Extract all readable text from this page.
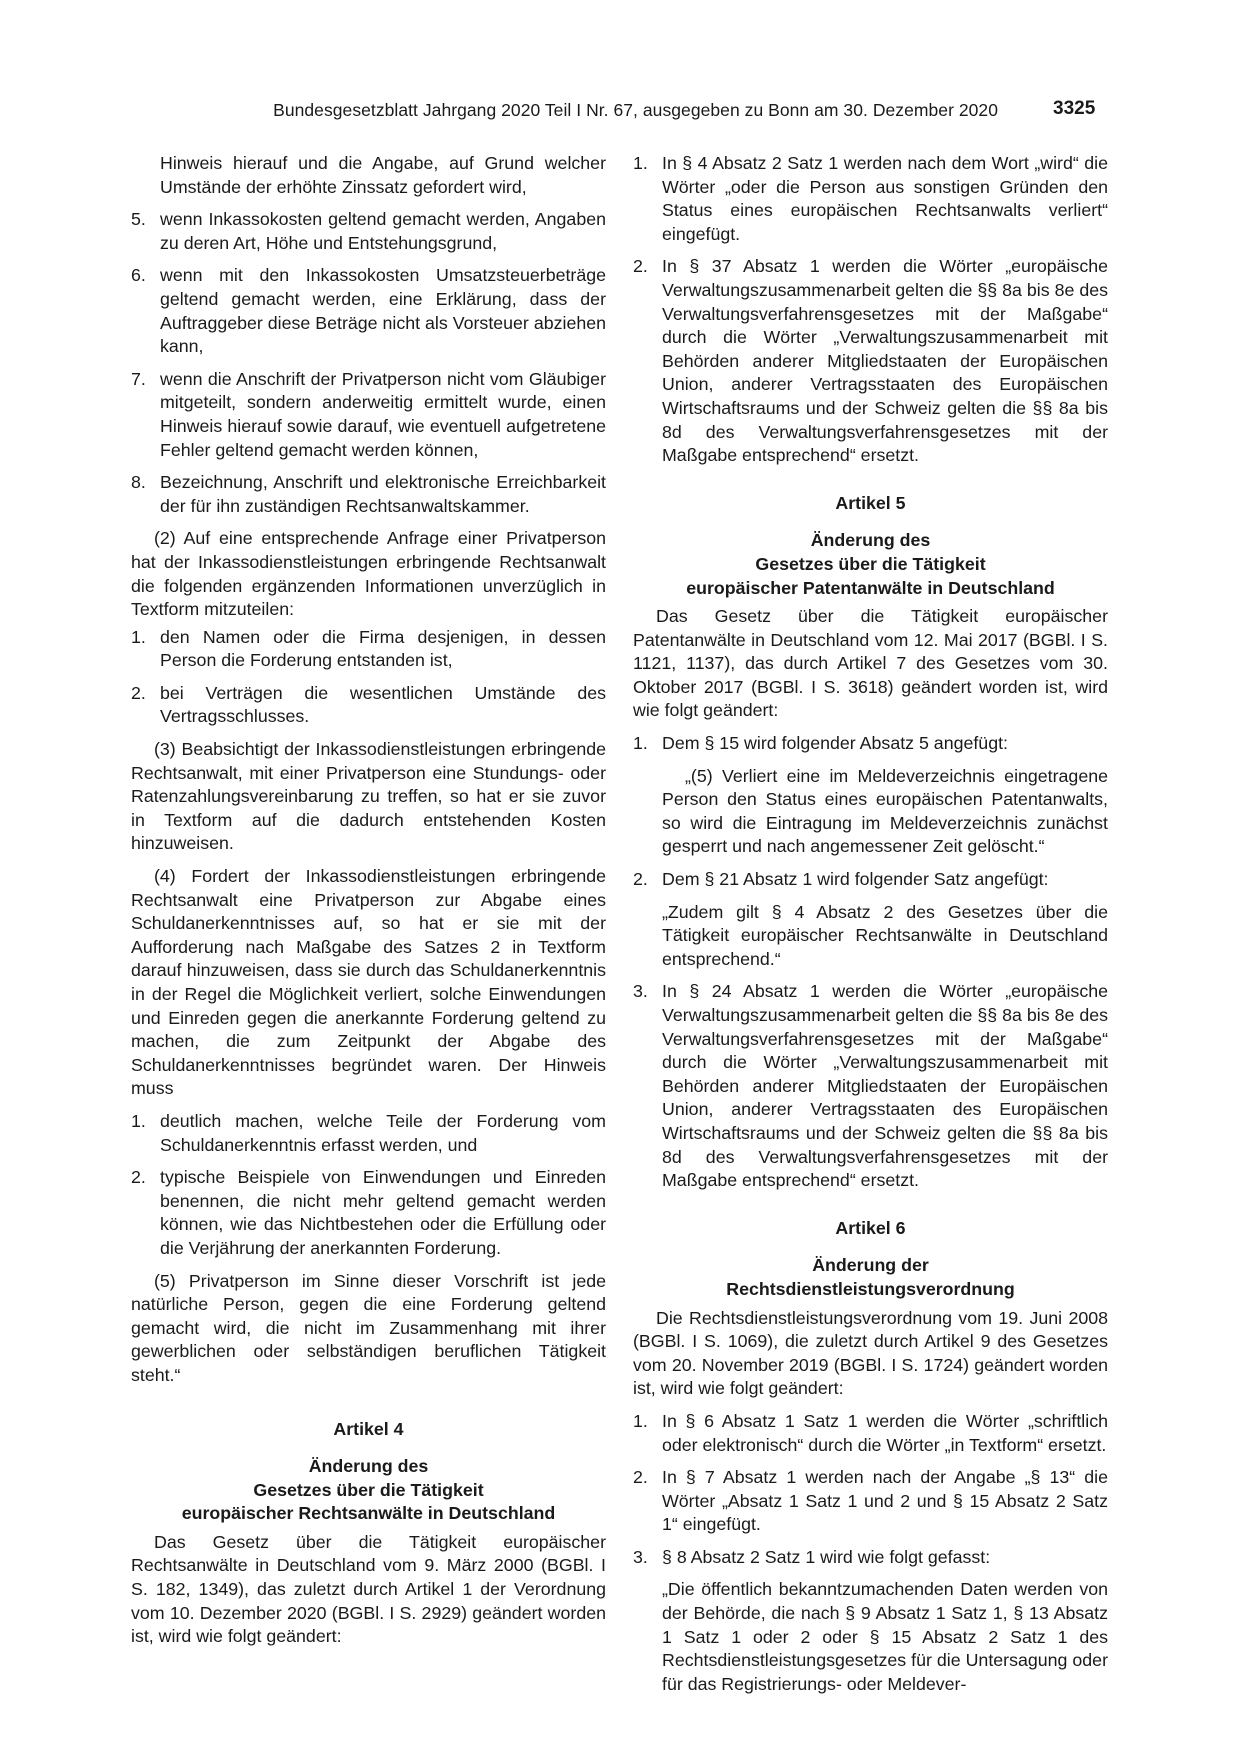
Bundesgesetzblatt Jahrgang 2020 Teil I Nr. 67, ausgegeben zu Bonn am 30. Dezember 2020	3325

Hinweis hierauf und die Angabe, auf Grund welcher Umstände der erhöhte Zinssatz gefordert wird,

5. wenn Inkassokosten geltend gemacht werden, Angaben zu deren Art, Höhe und Entstehungsgrund,

6. wenn mit den Inkassokosten Umsatzsteuerbeträge geltend gemacht werden, eine Erklärung, dass der Auftraggeber diese Beträge nicht als Vorsteuer abziehen kann,

7. wenn die Anschrift der Privatperson nicht vom Gläubiger mitgeteilt, sondern anderweitig ermittelt wurde, einen Hinweis hierauf sowie darauf, wie eventuell aufgetretene Fehler geltend gemacht werden können,

8. Bezeichnung, Anschrift und elektronische Erreichbarkeit der für ihn zuständigen Rechtsanwaltskammer.

(2) Auf eine entsprechende Anfrage einer Privatperson hat der Inkassodienstleistungen erbringende Rechtsanwalt die folgenden ergänzenden Informationen unverzüglich in Textform mitzuteilen:

1. den Namen oder die Firma desjenigen, in dessen Person die Forderung entstanden ist,

2. bei Verträgen die wesentlichen Umstände des Vertragsschlusses.

(3) Beabsichtigt der Inkassodienstleistungen erbringende Rechtsanwalt, mit einer Privatperson eine Stundungs- oder Ratenzahlungsvereinbarung zu treffen, so hat er sie zuvor in Textform auf die dadurch entstehenden Kosten hinzuweisen.

(4) Fordert der Inkassodienstleistungen erbringende Rechtsanwalt eine Privatperson zur Abgabe eines Schuldanerkenntnisses auf, so hat er sie mit der Aufforderung nach Maßgabe des Satzes 2 in Textform darauf hinzuweisen, dass sie durch das Schuldanerkenntnis in der Regel die Möglichkeit verliert, solche Einwendungen und Einreden gegen die anerkannte Forderung geltend zu machen, die zum Zeitpunkt der Abgabe des Schuldanerkenntnisses begründet waren. Der Hinweis muss

1. deutlich machen, welche Teile der Forderung vom Schuldanerkenntnis erfasst werden, und

2. typische Beispiele von Einwendungen und Einreden benennen, die nicht mehr geltend gemacht werden können, wie das Nichtbestehen oder die Erfüllung oder die Verjährung der anerkannten Forderung.

(5) Privatperson im Sinne dieser Vorschrift ist jede natürliche Person, gegen die eine Forderung geltend gemacht wird, die nicht im Zusammenhang mit ihrer gewerblichen oder selbständigen beruflichen Tätigkeit steht.“

Artikel 4
Änderung des
Gesetzes über die Tätigkeit
europäischer Rechtsanwälte in Deutschland

Das Gesetz über die Tätigkeit europäischer Rechtsanwälte in Deutschland vom 9. März 2000 (BGBl. I S. 182, 1349), das zuletzt durch Artikel 1 der Verordnung vom 10. Dezember 2020 (BGBl. I S. 2929) geändert worden ist, wird wie folgt geändert:

1. In § 4 Absatz 2 Satz 1 werden nach dem Wort „wird“ die Wörter „oder die Person aus sonstigen Gründen den Status eines europäischen Rechtsanwalts verliert“ eingefügt.

2. In § 37 Absatz 1 werden die Wörter „europäische Verwaltungszusammenarbeit gelten die §§ 8a bis 8e des Verwaltungsverfahrensgesetzes mit der Maßgabe“ durch die Wörter „Verwaltungszusammenarbeit mit Behörden anderer Mitgliedstaaten der Europäischen Union, anderer Vertragsstaaten des Europäischen Wirtschaftsraums und der Schweiz gelten die §§ 8a bis 8d des Verwaltungsverfahrensgesetzes mit der Maßgabe entsprechend“ ersetzt.

Artikel 5
Änderung des
Gesetzes über die Tätigkeit
europäischer Patentanwälte in Deutschland

Das Gesetz über die Tätigkeit europäischer Patentanwälte in Deutschland vom 12. Mai 2017 (BGBl. I S. 1121, 1137), das durch Artikel 7 des Gesetzes vom 30. Oktober 2017 (BGBl. I S. 3618) geändert worden ist, wird wie folgt geändert:

1. Dem § 15 wird folgender Absatz 5 angefügt:

„(5) Verliert eine im Meldeverzeichnis eingetragene Person den Status eines europäischen Patentanwalts, so wird die Eintragung im Meldeverzeichnis zunächst gesperrt und nach angemessener Zeit gelöscht.“

2. Dem § 21 Absatz 1 wird folgender Satz angefügt:

„Zudem gilt § 4 Absatz 2 des Gesetzes über die Tätigkeit europäischer Rechtsanwälte in Deutschland entsprechend.“

3. In § 24 Absatz 1 werden die Wörter „europäische Verwaltungszusammenarbeit gelten die §§ 8a bis 8e des Verwaltungsverfahrensgesetzes mit der Maßgabe“ durch die Wörter „Verwaltungszusammenarbeit mit Behörden anderer Mitgliedstaaten der Europäischen Union, anderer Vertragsstaaten des Europäischen Wirtschaftsraums und der Schweiz gelten die §§ 8a bis 8d des Verwaltungsverfahrensgesetzes mit der Maßgabe entsprechend“ ersetzt.

Artikel 6
Änderung der
Rechtsdienstleistungsverordnung

Die Rechtsdienstleistungsverordnung vom 19. Juni 2008 (BGBl. I S. 1069), die zuletzt durch Artikel 9 des Gesetzes vom 20. November 2019 (BGBl. I S. 1724) geändert worden ist, wird wie folgt geändert:

1. In § 6 Absatz 1 Satz 1 werden die Wörter „schriftlich oder elektronisch“ durch die Wörter „in Textform“ ersetzt.

2. In § 7 Absatz 1 werden nach der Angabe „§ 13“ die Wörter „Absatz 1 Satz 1 und 2 und § 15 Absatz 2 Satz 1“ eingefügt.

3. § 8 Absatz 2 Satz 1 wird wie folgt gefasst:

„Die öffentlich bekanntzumachenden Daten werden von der Behörde, die nach § 9 Absatz 1 Satz 1, § 13 Absatz 1 Satz 1 oder 2 oder § 15 Absatz 2 Satz 1 des Rechtsdienstleistungsgesetzes für die Untersagung oder für das Registrierungs- oder Meldever-
